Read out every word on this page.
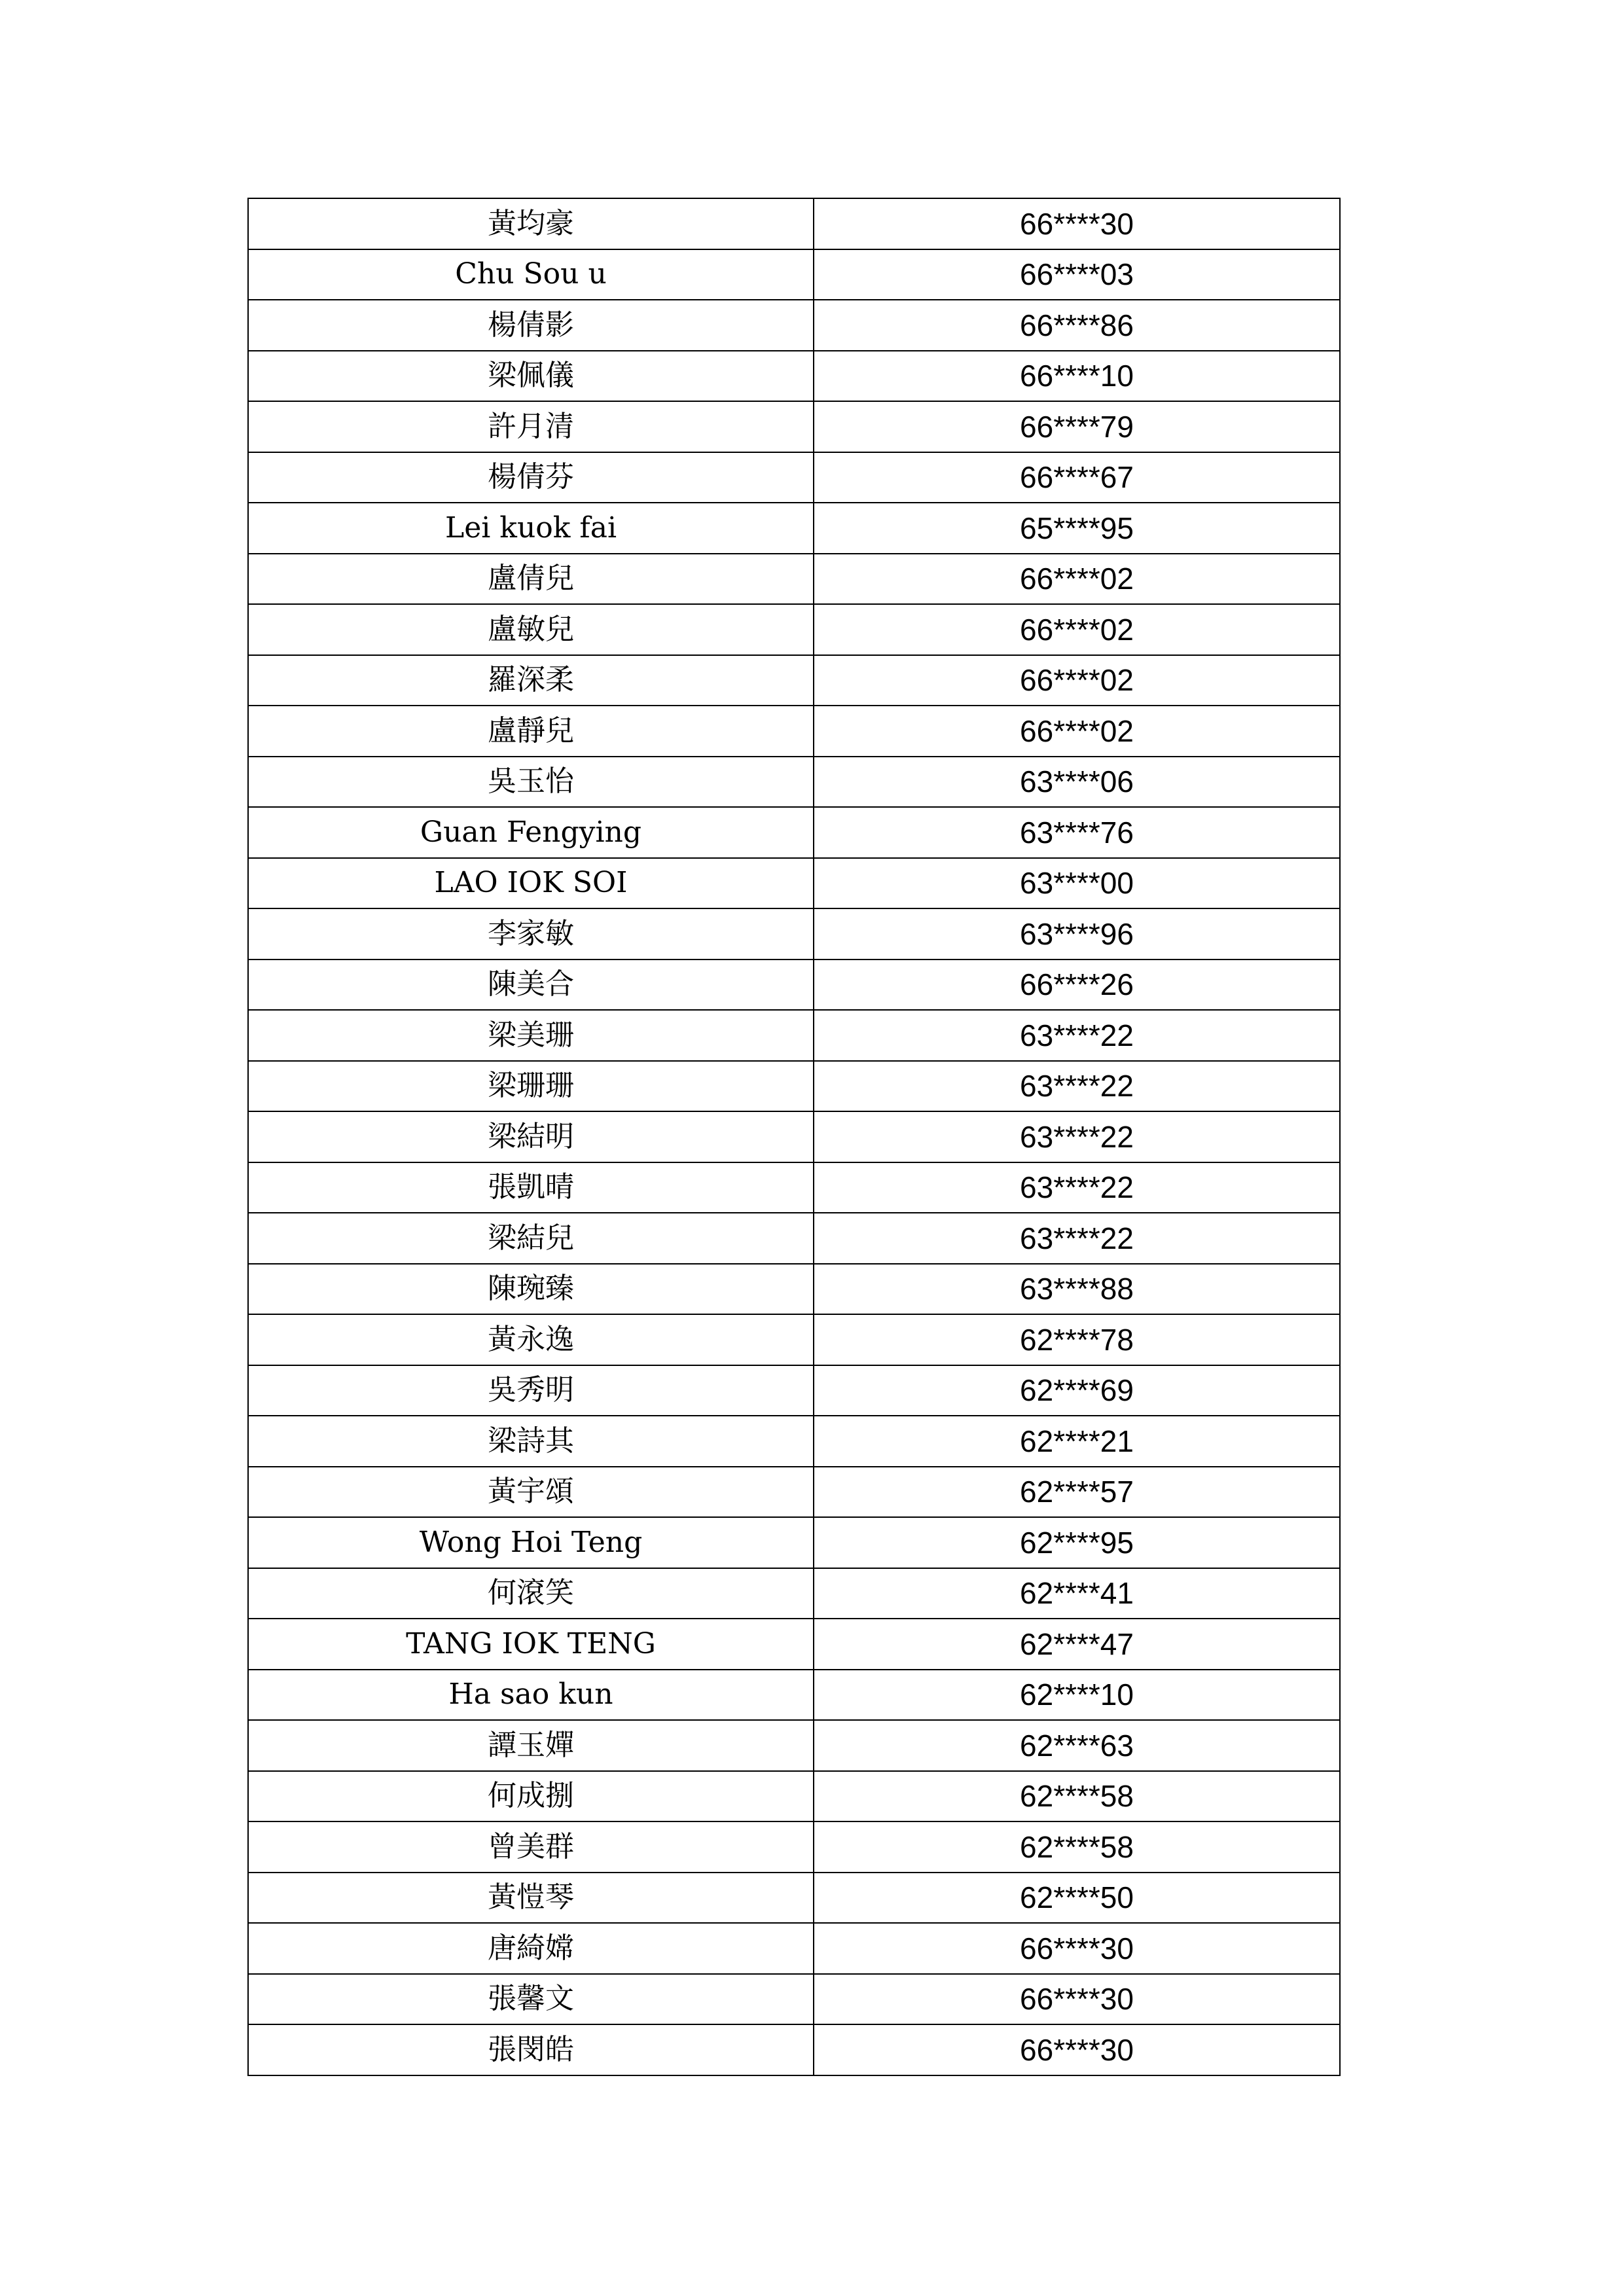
黃均豪	66****30
Chu Sou u	66****03
楊倩影	66****86
梁佩儀	66****10
許月清	66****79
楊倩芬	66****67
Lei kuok fai	65****95
盧倩兒	66****02
盧敏兒	66****02
羅深柔	66****02
盧靜兒	66****02
吳玉怡	63****06
Guan Fengying	63****76
LAO IOK SOI	63****00
李家敏	63****96
陳美合	66****26
梁美珊	63****22
梁珊珊	63****22
梁結明	63****22
張凱晴	63****22
梁結兒	63****22
陳琬臻	63****88
黃永逸	62****78
吳秀明	62****69
梁詩其	62****21
黃宇頌	62****57
Wong Hoi Teng	62****95
何滾笑	62****41
TANG IOK TENG	62****47
Ha sao kun	62****10
譚玉嬋	62****63
何成捌	62****58
曾美群	62****58
黃愷琴	62****50
唐綺嫦	66****30
張馨文	66****30
張閔皓	66****30
